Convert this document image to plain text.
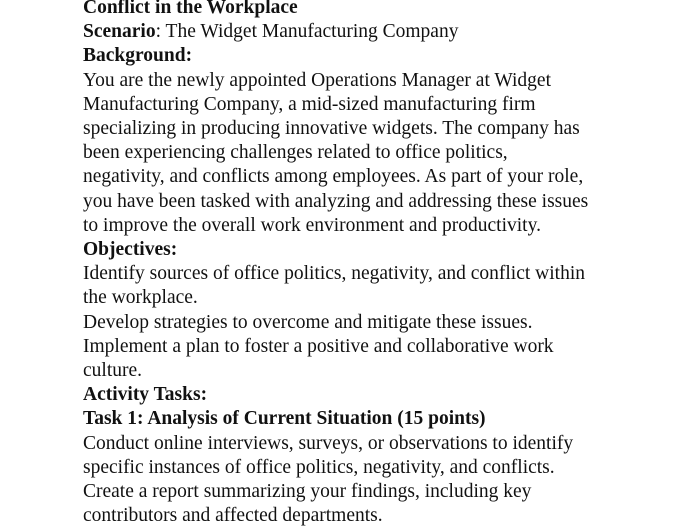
Conflict in the Workplace
Scenario: The Widget Manufacturing Company
Background:
You are the newly appointed Operations Manager at Widget
Manufacturing Company, a mid-sized manufacturing firm
specializing in producing innovative widgets. The company has
been experiencing challenges related to office politics,
negativity, and conflicts among employees. As part of your role,
you have been tasked with analyzing and addressing these issues
to improve the overall work environment and productivity.
Objectives:
Identify sources of office politics, negativity, and conflict within
the workplace.
Develop strategies to overcome and mitigate these issues.
Implement a plan to foster a positive and collaborative work
culture.
Activity Tasks:
Task 1: Analysis of Current Situation (15 points)
Conduct online interviews, surveys, or observations to identify
specific instances of office politics, negativity, and conflicts.
Create a report summarizing your findings, including key
contributors and affected departments.
